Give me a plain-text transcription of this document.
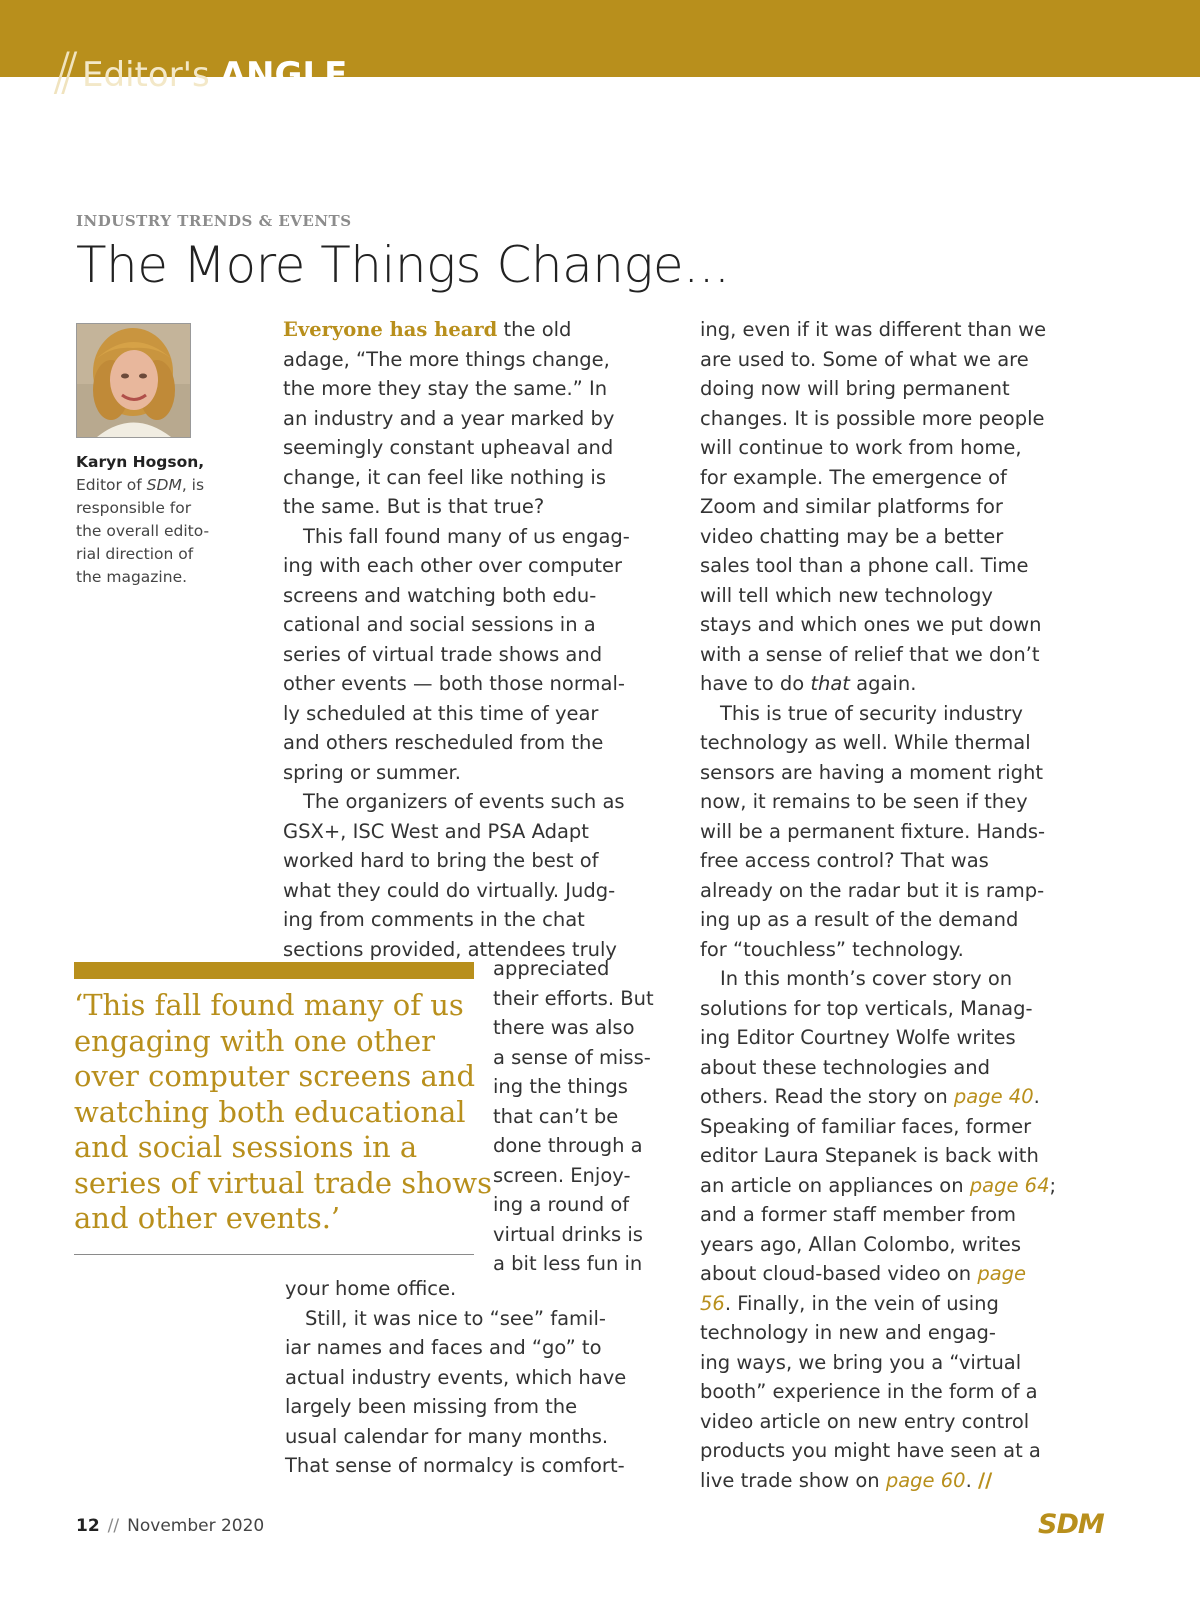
// Editor's ANGLE
INDUSTRY TRENDS & EVENTS
The More Things Change...
Karyn Hogson,
Editor of SDM, is
responsible for
the overall edito-
rial direction of
the magazine.
Everyone has heard the old
adage, “The more things change,
the more they stay the same.” In
an industry and a year marked by
seemingly constant upheaval and
change, it can feel like nothing is
the same. But is that true?
This fall found many of us engag-
ing with each other over computer
screens and watching both edu-
cational and social sessions in a
series of virtual trade shows and
other events — both those normal-
ly scheduled at this time of year
and others rescheduled from the
spring or summer.
The organizers of events such as
GSX+, ISC West and PSA Adapt
worked hard to bring the best of
what they could do virtually. Judg-
ing from comments in the chat
sections provided, attendees truly
‘This fall found many of us
engaging with one other
over computer screens and
watching both educational
and social sessions in a
series of virtual trade shows
and other events.’
appreciated
their efforts. But
there was also
a sense of miss-
ing the things
that can’t be
done through a
screen. Enjoy-
ing a round of
virtual drinks is
a bit less fun in
your home office.
Still, it was nice to “see” famil-
iar names and faces and “go” to
actual industry events, which have
largely been missing from the
usual calendar for many months.
That sense of normalcy is comfort-
ing, even if it was different than we
are used to. Some of what we are
doing now will bring permanent
changes. It is possible more people
will continue to work from home,
for example. The emergence of
Zoom and similar platforms for
video chatting may be a better
sales tool than a phone call. Time
will tell which new technology
stays and which ones we put down
with a sense of relief that we don’t
have to do that again.
This is true of security industry
technology as well. While thermal
sensors are having a moment right
now, it remains to be seen if they
will be a permanent fixture. Hands-
free access control? That was
already on the radar but it is ramp-
ing up as a result of the demand
for “touchless” technology.
In this month’s cover story on
solutions for top verticals, Manag-
ing Editor Courtney Wolfe writes
about these technologies and
others. Read the story on page 40.
Speaking of familiar faces, former
editor Laura Stepanek is back with
an article on appliances on page 64;
and a former staff member from
years ago, Allan Colombo, writes
about cloud-based video on page
56. Finally, in the vein of using
technology in new and engag-
ing ways, we bring you a “virtual
booth” experience in the form of a
video article on new entry control
products you might have seen at a
live trade show on page 60. //
12 // November 2020	SDM
